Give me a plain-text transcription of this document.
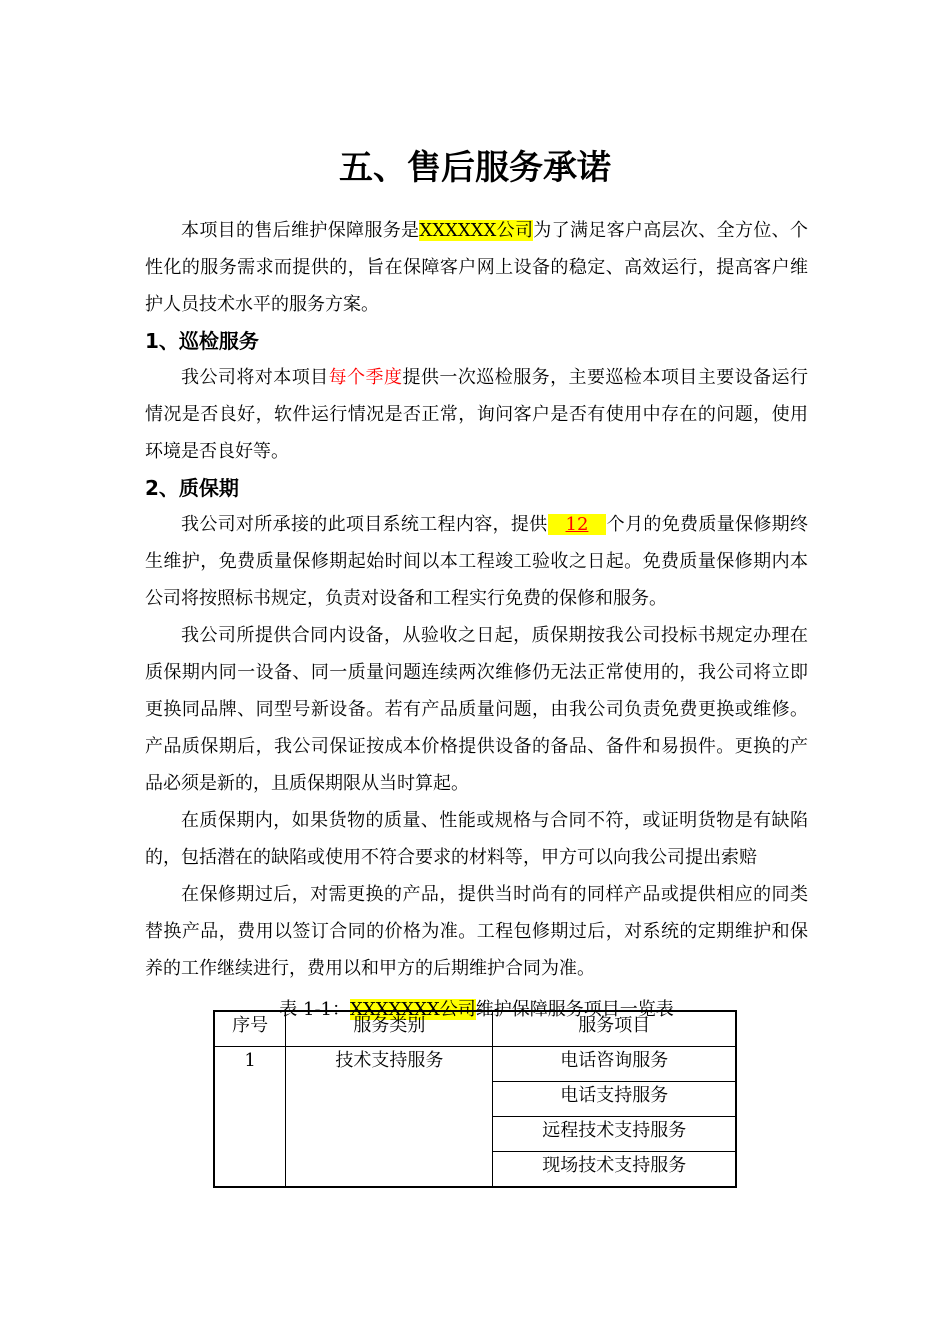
五、售后服务承诺

本项目的售后维护保障服务是XXXXXX公司为了满足客户高层次、全方位、个性化的服务需求而提供的，旨在保障客户网上设备的稳定、高效运行，提高客户维护人员技术水平的服务方案。

1、巡检服务

我公司将对本项目每个季度提供一次巡检服务，主要巡检本项目主要设备运行情况是否良好，软件运行情况是否正常，询问客户是否有使用中存在的问题，使用环境是否良好等。

2、质保期

我公司对所承接的此项目系统工程内容，提供 12 个月的免费质量保修期终生维护，免费质量保修期起始时间以本工程竣工验收之日起。免费质量保修期内本公司将按照标书规定，负责对设备和工程实行免费的保修和服务。

我公司所提供合同内设备，从验收之日起，质保期按我公司投标书规定办理在质保期内同一设备、同一质量问题连续两次维修仍无法正常使用的，我公司将立即更换同品牌、同型号新设备。若有产品质量问题，由我公司负责免费更换或维修。产品质保期后，我公司保证按成本价格提供设备的备品、备件和易损件。更换的产品必须是新的，且质保期限从当时算起。

在质保期内，如果货物的质量、性能或规格与合同不符，或证明货物是有缺陷的，包括潜在的缺陷或使用不符合要求的材料等，甲方可以向我公司提出索赔

在保修期过后，对需更换的产品，提供当时尚有的同样产品或提供相应的同类替换产品，费用以签订合同的价格为准。工程包修期过后，对系统的定期维护和保养的工作继续进行，费用以和甲方的后期维护合同为准。

表 1-1：XXXXXXX公司维护保障服务项目一览表

序号	服务类别	服务项目
1	技术支持服务	电话咨询服务
		电话支持服务
		远程技术支持服务
		现场技术支持服务
